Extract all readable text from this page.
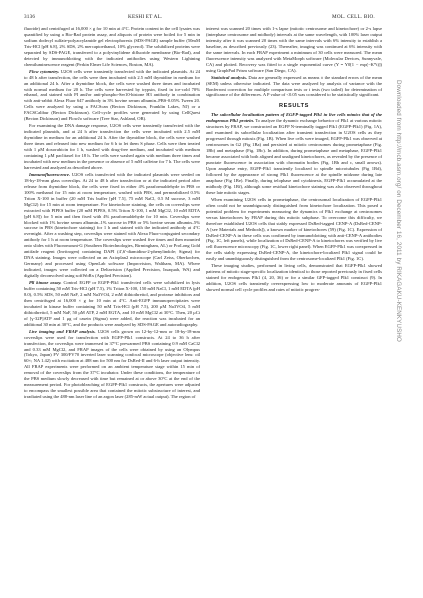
3136	KESHI ET AL.	MOL. CELL. BIO.

fluoride) and centrifuged at 16,000 × g for 10 min at 4°C. Protein content in the cell lysates was quantified by using a Bio-Rad protein assay, and aliquots of protein were boiled for 5 min in sodium dodecyl sulfate-polyacrylamide gel electrophoresis (SDS-PAGE) sample buffer (50mM Tris-HCl [pH 6.8], 2% SDS, 2% mercaptoethanol, 10% glycerol). The solubilized proteins were separated by SDS-PAGE, transferred to a polyvinylidene difluoride membrane (Bio-Rad), and detected by immunoblotting with the indicated antibodies using Western Lightning chemiluminescence reagent (Perkin Elmer Life Sciences, Boston, MA).

Flow cytometry. U2OS cells were transiently transfected with the indicated plasmids. At 24 to 48 h after transfection, the cells were then incubated with 2.5 mM thymidine in medium for an additional 24 h. After a thymidine block, the cells were washed three times and incubated with normal medium for 20 h. The cells were harvested by trypsin, fixed in ice-cold 70% ethanol, and stained with PI and/or anti-phospho-Ser10-histone H3 antibody in combination with anti-rabbit Alexa Fluor 647 antibody in 3% bovine serum albumin–PBS-0.05% Tween 20. Cells were analyzed by using a FACScan (Becton Dickinson, Franklin Lakes, NJ) or a FACSCalibur (Becton Dickinson). Cell-cycle profiles were generated by using CellQuest (Becton Dickinson) and FlowJo software (Tree Star, Ashland, OR).

For examining the DNA damage response, U2OS cells were transiently transfected with the indicated plasmids, and at 24 h after transfection the cells were incubated with 2.5 mM thymidine in medium for an additional 24 h. After the thymidine block, the cells were washed three times and released into new medium for 6 h to let them S phase. Cells were then treated with 1 μM doxorubicin for 1 h, washed with drug-free medium, and incubated with medium containing 1 μM paclitaxel for 18 h. The cells were washed again with medium three times and incubated with new medium in the presence or absence of 5 mM caffeine for 7 h. The cells were harvested and analyzed as described above.

Immunofluorescence. U2OS cells transfected with the indicated plasmids were seeded on 18-by-18-mm glass coverslips. At 24 to 48 h after transfection or at the indicated period after release from thymidine block, the cells were fixed in either 4% paraformaldehyde in PBS or 100% methanol for 15 min at room temperature, washed with PBS, and permeabilized 0.5% Triton X-100 in buffer (20 mM Tris buffer [pH 7.5], 75 mM NaCl, 0.5 M sucrose, 3 mM MgCl2) for 15 min at room temperature. For kinetochore staining, the cells on coverslips were extracted with PIPES buffer (20 mM PIPES, 0.5% Triton X-100, 1 mM MgCl2, 10 mM EDTA [pH 6.8]) for 5 min and then fixed with 4% paraformaldehyde for 10 min. Coverslips were blocked with 1% bovine serum albumin–1% sucrose in PBS or 5% bovine serum albumin–5% sucrose in PBS (kinetochore staining) for 1 h and stained with the indicated antibody at 4°C overnight. After a washing step, coverslips were stained with Alexa Fluor-conjugated secondary antibody for 1 h at room temperature. The coverslips were washed five times and then mounted onto slides with Fluoromount-G (Southern Biotechnologies, Birmingham, AL) or ProLong Gold antifade reagent (Invitrogen) containing DAPI (4',6'-diamidino-2-phenylindole; Sigma) for DNA staining. Images were collected on an Axioplan2 microscope (Carl Zeiss, Oberkochen, Germany) and processed using OpenLab software (Improvision, Waltham, MA). Where indicated, images were collected on a Deltavision (Applied Precision, Issaquah, WA) and digitally deconvolved using softWoRx (Applied Precision).

Pll kinase assay. Control EGFP or EGFP-Plk1 transfected cells were solubilized in lysis buffer containing 50 mM Tris-HCl (pH 7.5), 1% Triton X-100, 150 mM NaCl, 1 mM EDTA (pH 8.0), 0.5% SDS, 50 mM NaF, 2 mM Na3VO4, 2 mM dithiothreitol, and protease inhibitors and then centrifuged at 16,000 × g for 10 min at 4°C. Anti-EGFP immunoprecipitates were incubated in kinase buffer containing 50 mM Tris-HCl (pH 7.5), 200 μM Na3VO4, 5 mM dithiothreitol, 5 mM NaF, 50 μM ATP, 2 mM EGTA, and 10 mM MgCl2 at 30°C. Then, 20 μCi of [γ-32P]ATP and 1 μg of casein (Sigma) were added, the reaction was incubated for an additional 30 min at 30°C, and the products were analyzed by SDS-PAGE and autoradiography.

Live imaging and FRAP analysis. U2OS cells grown on 12-by-12-mm or 18-by-18-mm coverslips were used for transfection with EGFP-Plk1 constructs. At 24 to 36 h after transfection, the coverslips were immersed in 37°C prewarmed PBS containing 0.9 mM CaCl2 and 0.33 mM MgCl2, and FRAP images of the cells were obtained by using an Olympus (Tokyo, Japan) FV 300/FV70 inverted laser scanning confocal microscope (objective lens: oil 60×; NA 1.42) with excitation at 488 nm for 500 nm for DsRed-II and 6-h laser output intensity. All FRAP experiments were performed on an ambient temperature stage within 15 min of removal of the coverslips from the 37°C incubator. Under these conditions, the temperature of the PBS medium slowly decreased with time but remained at or above 30°C at the end of the measurement period. For photobleaching of EGFP-Plk1 constructs, the apertures were adjusted to encompass the smallest possible area that contained the mitotic substructure of interest, and irradiated using the 488-nm laser line of an argon laser (285-mW actual output). The region of

interest was scanned 20 times with 1-s lapse (mitotic centrosome and kinetochore) or 2-s lapse (interphase centrosome and midbody) intervals at the same wavelength, with 100% laser output intensity after it was scanned 20 times with the same intervals with 6% intensity to establish a baseline, as described previously (23). Thereafter, imaging was continued at 6% intensity with the same intervals. In each FRAP experiment a minimum of 30 cells were measured. The mean fluorescence intensity was analyzed with MetaMorph software (Molecular Devices, Sunnyvale, CA) and plotted. Recovery was fitted to a single exponential curve (Y = Y0[1 − exp(−K*t)]) using GraphPad Prism software (San Diego, CA).

Statistical analysis. Data are generally expressed as means ± the standard errors of the mean (SEM) unless otherwise indicated. The data were analyzed by analysis of variance with the Bonferroni correction for multiple comparison tests or t tests (two tailed) for determination of significance of the differences. A P value of <0.05 was considered to be statistically significant.

RESULTS

The subcellular localization pattern of EGFP-tagged Plk1 in live cells mimics that of the endogenous Plk1 protein. To analyze the dynamic exchange behavior of Plk1 at various mitotic structures by FRAP, we constructed an EGFP N-terminally tagged Plk1 (EGFP-Plk1) (Fig. 1A), and examined its subcellular localization after transient transfection in U2OS cells as they progressed through mitosis (Fig. 1B). When live cells were imaged, EGFP-Plk1 was observed at centrosomes in G2 (Fig 1Ba) and persisted at mitotic centrosomes during prometaphase (Fig. 1Bb) and metaphase (Fig. 1Bc). In addition, during prometaphase and metaphase, EGFP-Plk1 became associated with both aligned and unaligned kinetochores, as revealed by the presence of punctate fluorescence in association with chromatin bodies (Fig. 1Bb and c, small arrows). Upon anaphase entry, EGFP-Plk1 transiently localized to spindle microtubules (Fig 1Bd), followed by the appearance of strong Plk1 fluorescence at the spindle midzone during late anaphase (Fig 1Be). Finally, during telophase and cytokinesis, EGFP-Plk1 accumulated at the midbody (Fig. 1Bf), although some residual kinetochore staining was also observed throughout these late mitotic stages.

When examining U2OS cells in prometaphase, the centrosomal localization of EGFP-Plk1 often could not be unambiguously distinguished from kinetochore localization. This posed a potential problem for experiments measuring the dynamics of Plk1 exchange at centrosomes versus kinetochores by FRAP during this mitotic subphase. To overcome this difficulty, we therefore established U2OS cells that stably expressed DsRed-tagged CENP-A (DsRed-CENP-A [see Materials and Methods]), a known marker of kinetochores (59) (Fig. 1C). Expression of DsRed-CENP-A in these cells was confirmed by immunoblotting with anti-CENP-A antibodies (Fig. 1C, left panels), while localization of DsRed-CENP-A to kinetochores was verified by live cell fluorescence microscopy (Fig. 1C, lower right panel). When EGFP-Plk1 was coexpressed in the cells stably expressing DsRed-CENP-A, the kinetochore-localized Plk1 signal could be easily and unambiguously distinguished from the centrosome-localized Plk1 (Fig. 1C).

These imaging studies, performed in living cells, demonstrated that EGFP-Plk1 showed patterns of mitotic stage-specific localization identical to those reported previously in fixed cells stained for endogenous Plk1 (4, 20, 36) or for a similar GFP-tagged Plk1 construct (9). In addition, U2OS cells transiently overexpressing low to moderate amounts of EGFP-Plk1 showed normal cell cycle profiles and rates of mitotic progres-	Downloaded from http://mcb.asm.org/ on December 16, 2011 by RIKAGAKU-KENKYUSHO
